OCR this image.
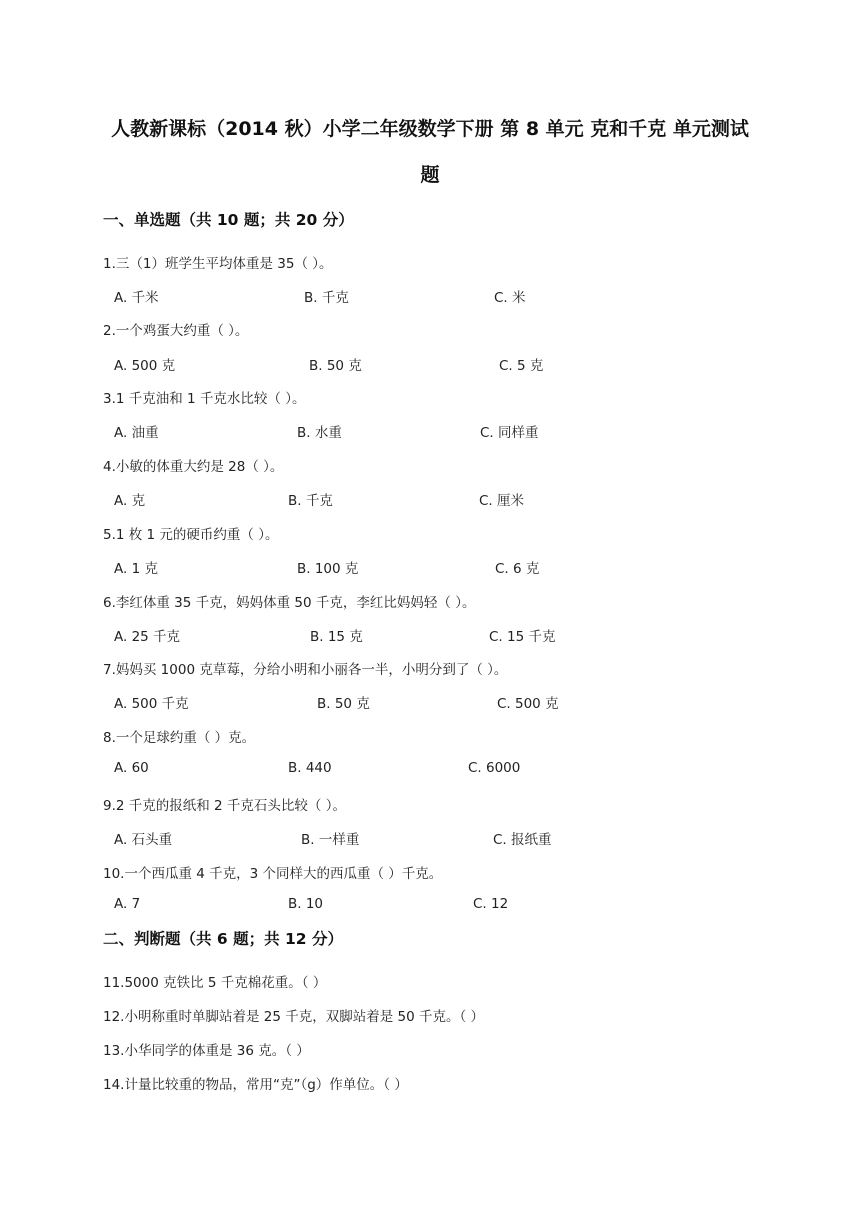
人教新课标（2014 秋）小学二年级数学下册 第 8 单元 克和千克 单元测试
题
一、单选题（共 10 题；共 20 分）
1.三（1）班学生平均体重是 35（ ）。
A. 千米	B. 千克	C. 米
2.一个鸡蛋大约重（ ）。
A. 500 克	B. 50 克	C. 5 克
3.1 千克油和 1 千克水比较（ ）。
A. 油重	B. 水重	C. 同样重
4.小敏的体重大约是 28（ ）。
A. 克	B. 千克	C. 厘米
5.1 枚 1 元的硬币约重（ ）。
A. 1 克	B. 100 克	C. 6 克
6.李红体重 35 千克，妈妈体重 50 千克，李红比妈妈轻（ ）。
A. 25 千克	B. 15 克	C. 15 千克
7.妈妈买 1000 克草莓，分给小明和小丽各一半，小明分到了（ ）。
A. 500 千克	B. 50 克	C. 500 克
8.一个足球约重（ ）克。
A. 60	B. 440	C. 6000
9.2 千克的报纸和 2 千克石头比较（ ）。
A. 石头重	B. 一样重	C. 报纸重
10.一个西瓜重 4 千克，3 个同样大的西瓜重（ ）千克。
A. 7	B. 10	C. 12
二、判断题（共 6 题；共 12 分）
11.5000 克铁比 5 千克棉花重。（ ）
12.小明称重时单脚站着是 25 千克，双脚站着是 50 千克。（ ）
13.小华同学的体重是 36 克。（ ）
14.计量比较重的物品，常用“克”（g）作单位。（ ）
